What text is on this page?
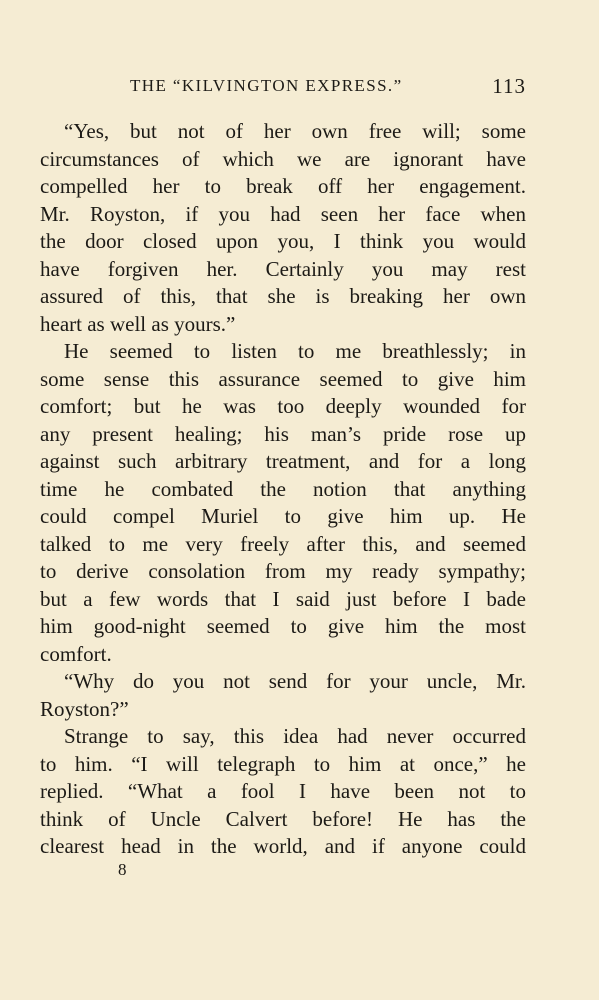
THE “KILVINGTON EXPRESS.”	113
“Yes, but not of her own free will; some
circumstances of which we are ignorant have
compelled her to break off her engagement.
Mr. Royston, if you had seen her face when
the door closed upon you, I think you would
have forgiven her. Certainly you may rest
assured of this, that she is breaking her own
heart as well as yours.”
He seemed to listen to me breathlessly; in
some sense this assurance seemed to give him
comfort; but he was too deeply wounded for
any present healing; his man’s pride rose up
against such arbitrary treatment, and for a long
time he combated the notion that anything
could compel Muriel to give him up. He
talked to me very freely after this, and seemed
to derive consolation from my ready sympathy;
but a few words that I said just before I bade
him good-night seemed to give him the most
comfort.
“Why do you not send for your uncle, Mr.
Royston?”
Strange to say, this idea had never occurred
to him. “I will telegraph to him at once,” he
replied. “What a fool I have been not to
think of Uncle Calvert before! He has the
clearest head in the world, and if anyone could
8
